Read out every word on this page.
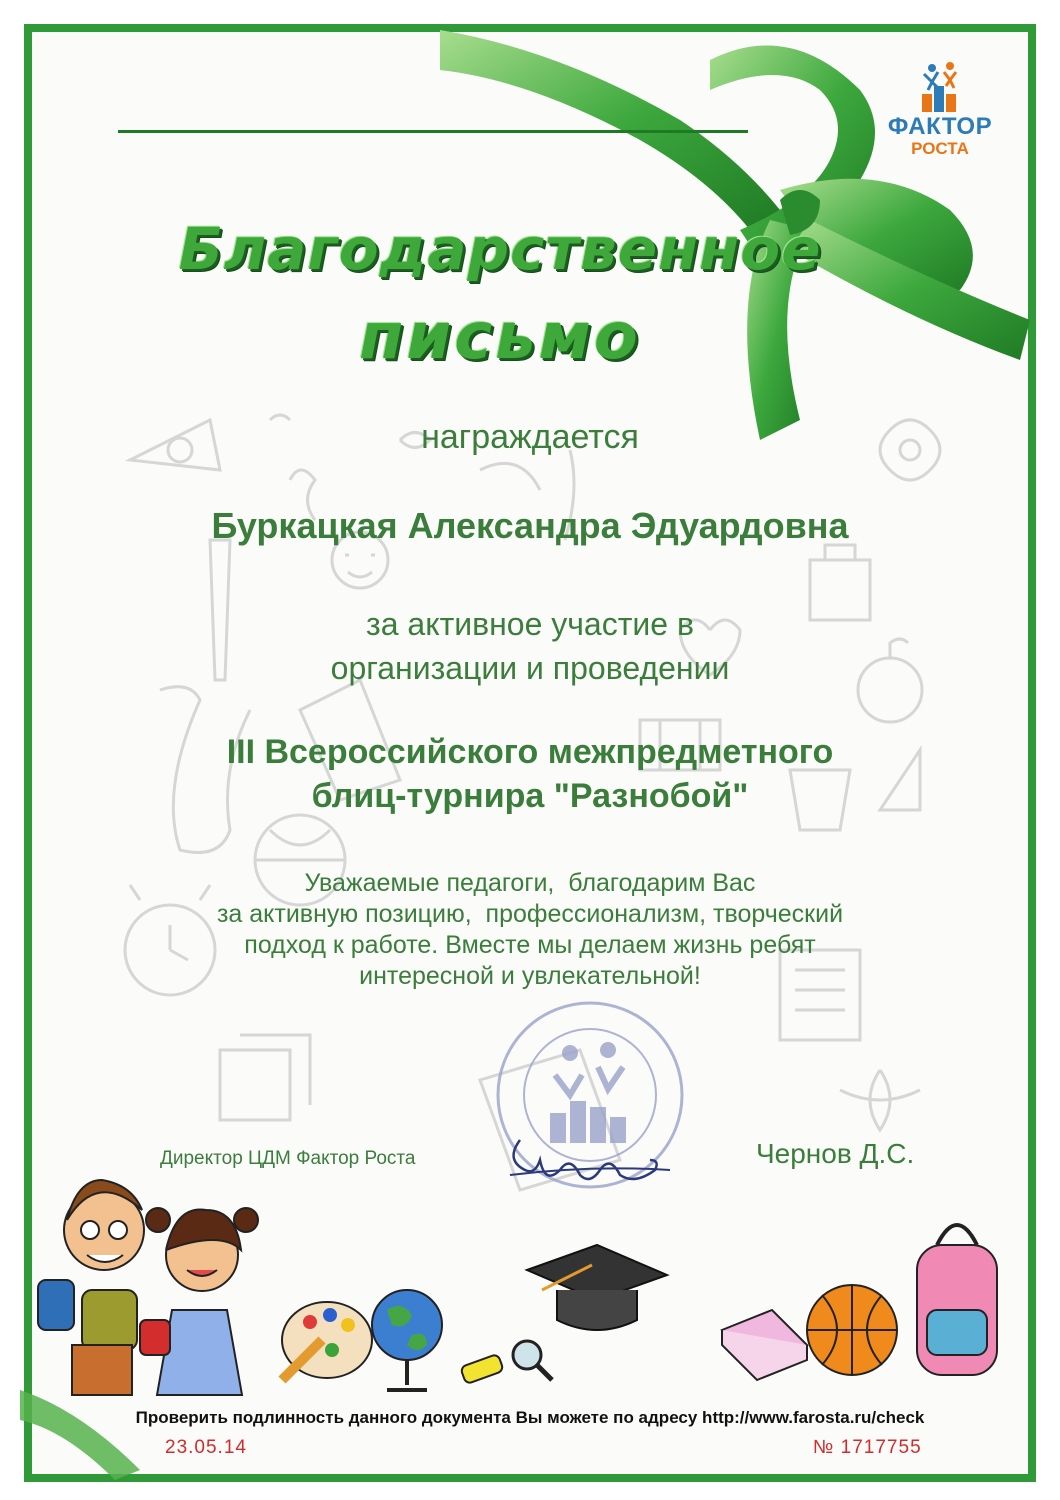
ФАКТОР
РОСТА
Благодарственное
письмо
награждается
Буркацкая Александра Эдуардовна
за активное участие в
организации и проведении
III Всероссийского межпредметного
блиц-турнира "Разнобой"
Уважаемые педагоги,  благодарим Вас
за активную позицию,  профессионализм, творческий
подход к работе. Вместе мы делаем жизнь ребят
интересной и увлекательной!
Директор ЦДМ Фактор Роста	Чернов Д.С.
Проверить подлинность данного документа Вы можете по адресу http://www.farosta.ru/check
23.05.14	№ 1717755
